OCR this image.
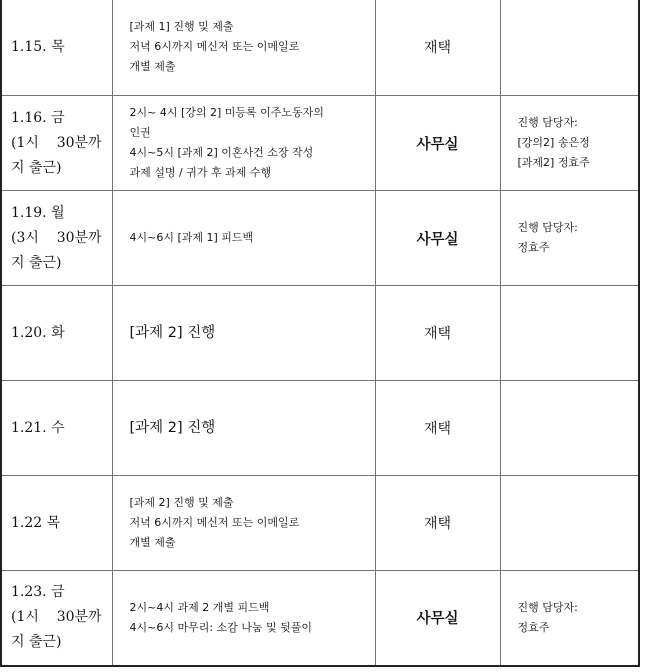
1.15. 목	[과제 1] 진행 및 제출
저녁 6시까지 메신저 또는 이메일로
개별 제출	재택	

1.16. 금
(1시    30분까
지 출근)	2시~ 4시 [강의 2] 미등록 이주노동자의
인권
4시~5시 [과제 2] 이혼사건 소장 작성
과제 설명 / 귀가 후 과제 수행	사무실	진행 담당자:
[강의2] 송은정
[과제2] 정효주

1.19. 월
(3시    30분까
지 출근)	4시~6시 [과제 1] 피드백	사무실	진행 담당자:
정효주

1.20. 화	[과제 2] 진행	재택	

1.21. 수	[과제 2] 진행	재택	

1.22 목	[과제 2] 진행 및 제출
저녁 6시까지 메신저 또는 이메일로
개별 제출	재택	

1.23. 금
(1시    30분까
지 출근)	2시~4시 과제 2 개별 피드백
4시~6시 마무리: 소감 나눔 및 뒷풀이	사무실	진행 담당자:
정효주
